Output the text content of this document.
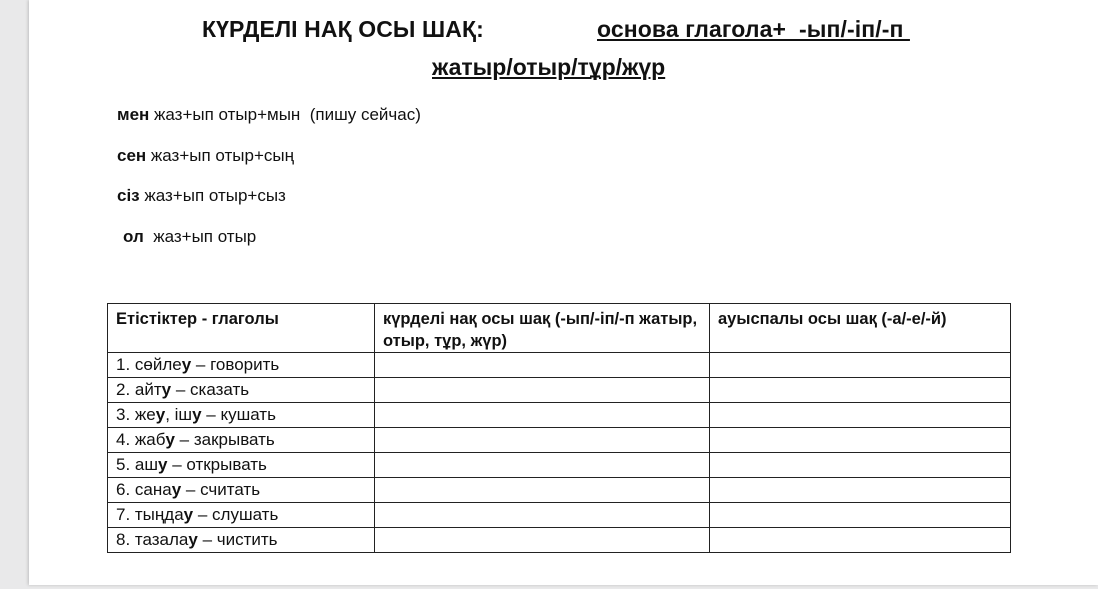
КҮРДЕЛІ НАҚ ОСЫ ШАҚ:	основа глагола+  -ып/-іп/-п
жатыр/отыр/тұр/жүр
мен жаз+ып отыр+мын  (пишу сейчас)
сен жаз+ып отыр+сың
сіз жаз+ып отыр+сыз
ол  жаз+ып отыр
Етістіктер - глаголы	күрделі нақ осы шақ (-ып/-іп/-п жатыр, отыр, тұр, жүр)	ауыспалы осы шақ (-а/-е/-й)
1. сөйлеу – говорить		
2. айту – сказать		
3. жеу, ішу – кушать		
4. жабу – закрывать		
5. ашу – открывать		
6. санау – считать		
7. тыңдау – слушать		
8. тазалау – чистить		
